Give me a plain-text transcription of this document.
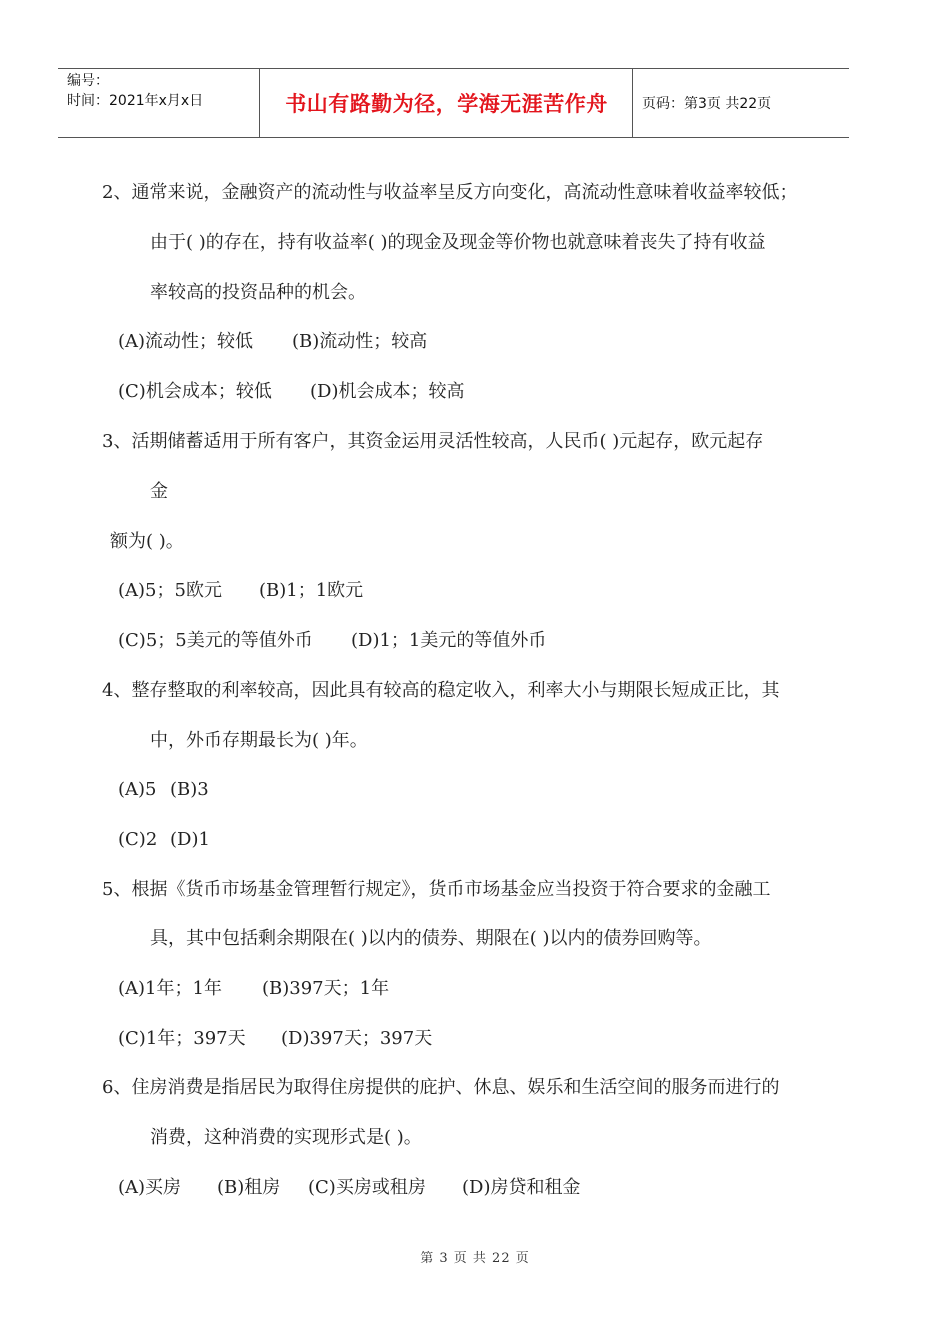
编号：
时间：2021年x月x日	书山有路勤为径，学海无涯苦作舟	页码：第3页 共22页
2、通常来说，金融资产的流动性与收益率呈反方向变化，高流动性意味着收益率较低；
由于( )的存在，持有收益率( )的现金及现金等价物也就意味着丧失了持有收益
率较高的投资品种的机会。
(A)流动性；较低 (B)流动性；较高
(C)机会成本；较低 (D)机会成本；较高
3、活期储蓄适用于所有客户，其资金运用灵活性较高，人民币( )元起存，欧元起存
金
额为( )。
(A)5；5欧元 (B)1；1欧元
(C)5；5美元的等值外币 (D)1；1美元的等值外币
4、整存整取的利率较高，因此具有较高的稳定收入，利率大小与期限长短成正比，其
中，外币存期最长为( )年。
(A)5 (B)3
(C)2 (D)1
5、根据《货币市场基金管理暂行规定》，货币市场基金应当投资于符合要求的金融工
具，其中包括剩余期限在( )以内的债券、期限在( )以内的债券回购等。
(A)1年；1年 (B)397天；1年
(C)1年；397天 (D)397天；397天
6、住房消费是指居民为取得住房提供的庇护、休息、娱乐和生活空间的服务而进行的
消费，这种消费的实现形式是( )。
(A)买房 (B)租房 (C)买房或租房 (D)房贷和租金
第 3 页 共 22 页
